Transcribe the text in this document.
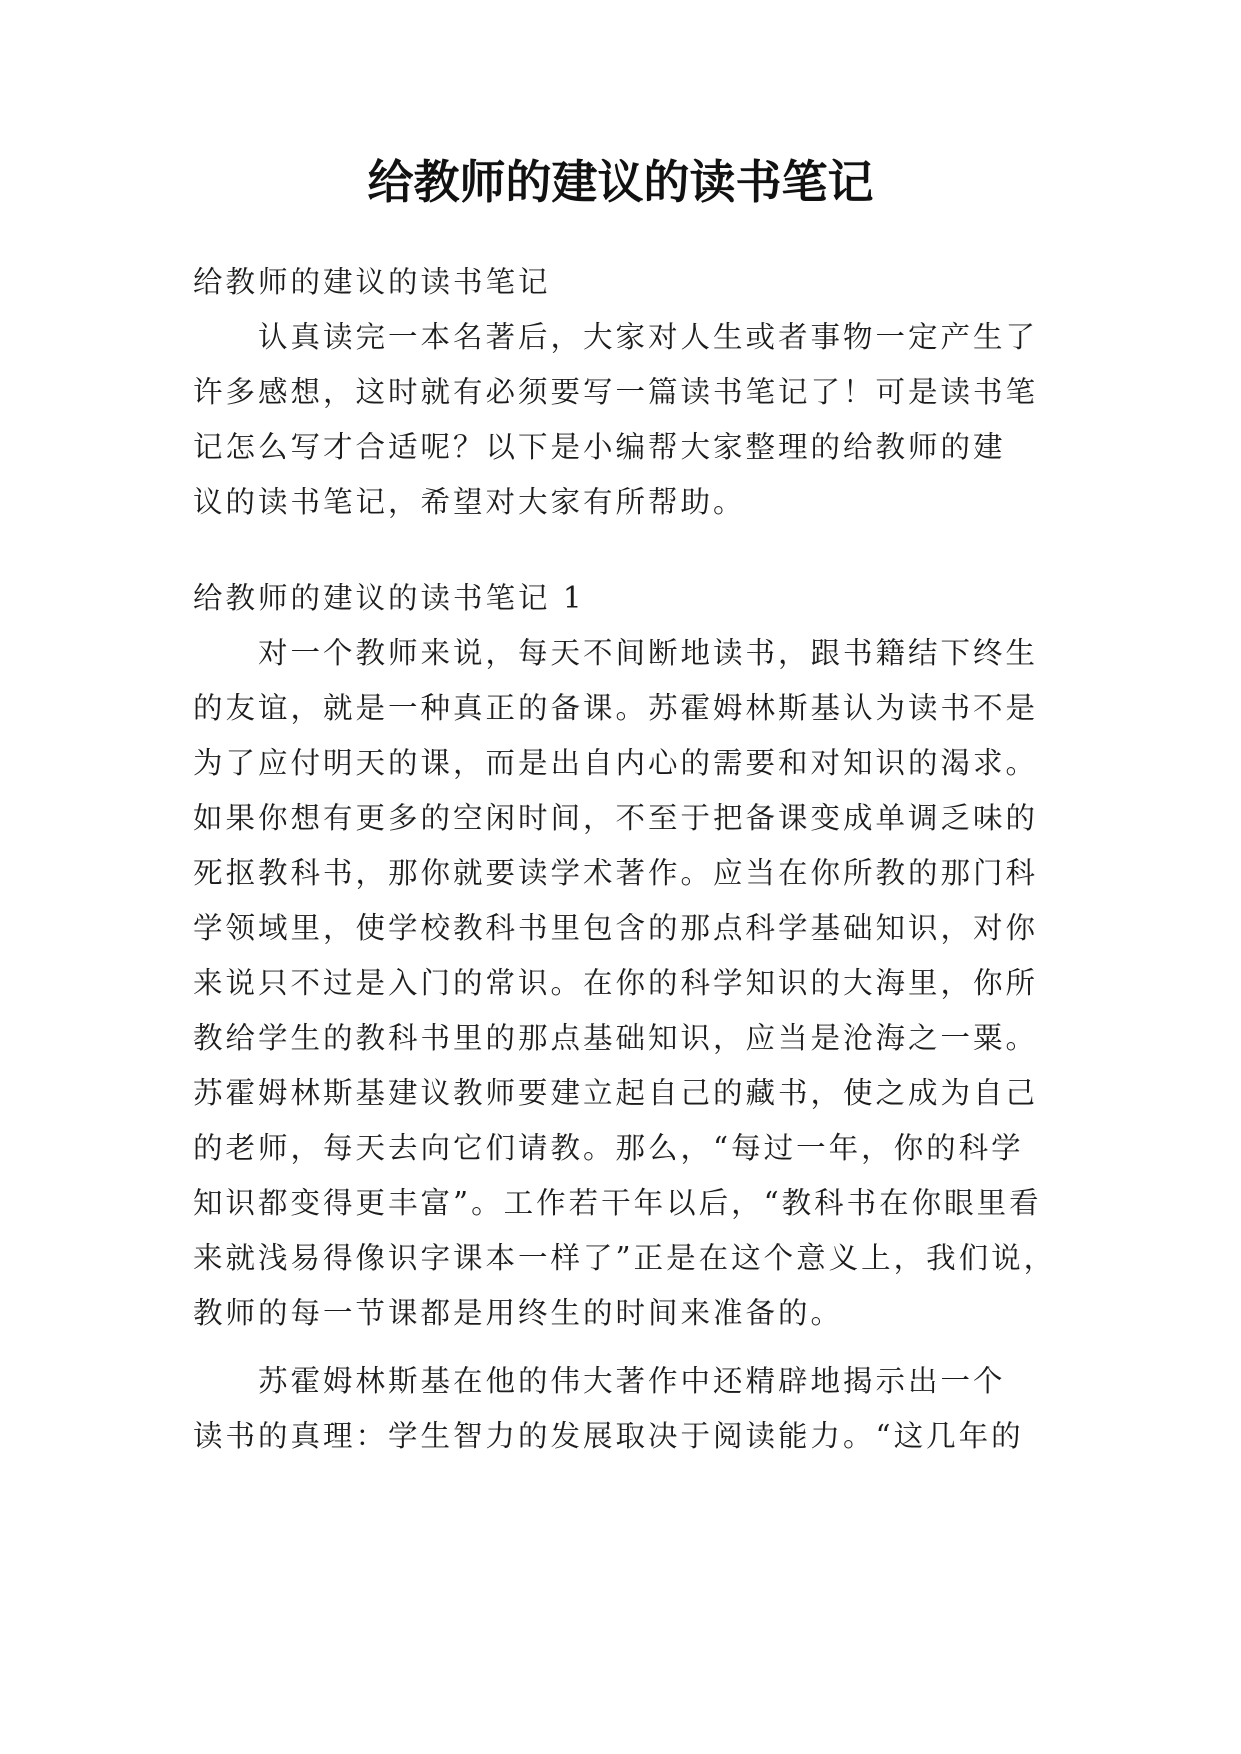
给教师的建议的读书笔记

给教师的建议的读书笔记

认真读完一本名著后，大家对人生或者事物一定产生了

许多感想，这时就有必须要写一篇读书笔记了！可是读书笔

记怎么写才合适呢？以下是小编帮大家整理的给教师的建

议的读书笔记，希望对大家有所帮助。

给教师的建议的读书笔记 1

对一个教师来说，每天不间断地读书，跟书籍结下终生

的友谊，就是一种真正的备课。苏霍姆林斯基认为读书不是

为了应付明天的课，而是出自内心的需要和对知识的渴求。

如果你想有更多的空闲时间，不至于把备课变成单调乏味的

死抠教科书，那你就要读学术著作。应当在你所教的那门科

学领域里，使学校教科书里包含的那点科学基础知识，对你

来说只不过是入门的常识。在你的科学知识的大海里，你所

教给学生的教科书里的那点基础知识，应当是沧海之一粟。

苏霍姆林斯基建议教师要建立起自己的藏书，使之成为自己

的老师，每天去向它们请教。那么，“每过一年，你的科学

知识都变得更丰富”。工作若干年以后，“教科书在你眼里看

来就浅易得像识字课本一样了”正是在这个意义上，我们说，

教师的每一节课都是用终生的时间来准备的。

苏霍姆林斯基在他的伟大著作中还精辟地揭示出一个

读书的真理：学生智力的发展取决于阅读能力。“这几年的
